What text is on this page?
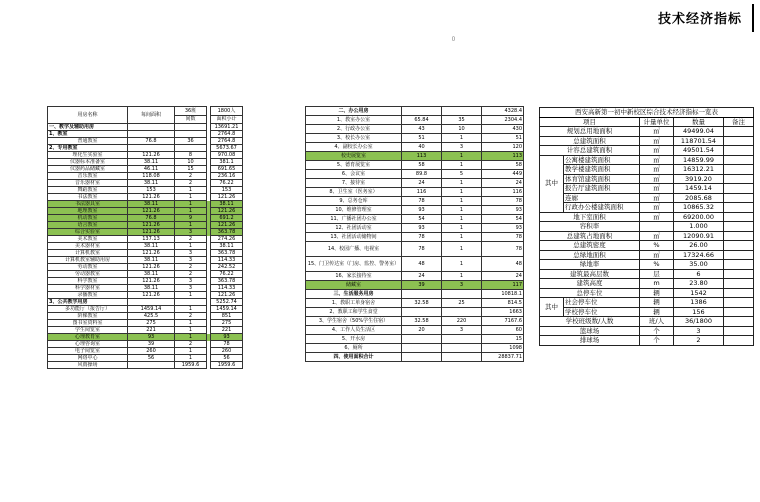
技术经济指标
▯
用房名称	每间面积	36班		1800人
		间数		面积小计
一、教学及辅助用房				13691.21
1、教室				2764.8
普通教室	76.8	36		2764.8
2、专用教室				5673.67
理化生实验室	121.26	8		970.08
仪器标本准备室	38.11	10		381.1
仪器药品储藏室	46.11	15		691.65
音乐教室	118.08	2		236.16
音乐器材室	38.11	2		76.22
舞蹈教室	153	1		153
书法教室	121.26	1		121.26
书法器具室	38.11	1		38.11
地理教室	121.26	1		121.26
机动教室	76.8	9		691.2
语言教室	121.26	1		121.26
综合实验室	121.26	3		363.78
美术教室	137.13	2		274.26
美术器材室	38.11	1		38.11
计算机教室	121.26	3		363.78
计算机教室辅助用房	38.11	3		114.33
劳动教室	121.26	2		242.52
劳动器教室	38.11	2		76.22
科学教室	121.26	3		363.78
科学器材室	38.11	3		114.33
录播教室	121.26	1		121.26
3、公共教学用房				5252.74
多功能厅（报告厅）	1459.14	1		1459.14
阶梯教室	425.5	2		851
图书室资料室	275	1		275
学生阅览室	221	1		221
心理教育室	93	1		93
心理咨询室	39	2		78
电子阅览室	260	1		260
网络中心	56	1		56
风雨操场		1959.6		1959.6
二、办公用房			4328.4
1、教室办公室	65.84	35	2304.4
2、行政办公室	43	10	430
3、校长办公室	51	1	51
4、副校长办公室	40	3	120
校史展览室	113	1	113
5、德育展览室	58	1	58
6、会议室	89.8	5	449
7、接待室	24	1	24
8、卫生室（医务室）	116	1	116
9、总务仓库	78	1	78
10、维修管理室	93	1	93
11、广播社团办公室	54	1	54
12、社团活动室	93	1	93
13、社团活动储物间	78	1	78
14、校园广播、电视室	78	1	78
15、门卫传达室（门房、监控、警务室）	48	1	48
16、家长接待室	24	1	24
储藏室	39	3	117
三、生活服务用房			10818.1
1、教职工单身宿舍	32.58	25	814.5
2、教职工和学生食堂			1663
3、学生宿舍（50%学生住宿）	32.58	220	7167.6
4、工作人员生活区	20	3	60
5、开水房			15
6、厕所			1098
四、使用面积合计			28837.71
西安高新第一初中新校区综合技术经济指标一览表				
项目		计量单位	数量	备注
规划总用地面积		㎡	49499.04	
总建筑面积		㎡	118701.54	
计容总建筑面积		㎡	49501.54	
其中	公寓楼建筑面积	㎡	14859.99	
	教学楼建筑面积	㎡	16312.21	
	体育馆建筑面积	㎡	3919.20	
	报告厅建筑面积	㎡	1459.14	
	连廊	㎡	2085.68	
	行政办公楼建筑面积	㎡	10865.32	
地下室面积		㎡	69200.00	
容积率			1.000	
总建筑占地面积		㎡	12090.91	
总建筑密度		%	26.00	
总绿地面积		㎡	17324.66	
绿地率		%	35.00	
建筑最高层数		层	6	
建筑高度		m	23.80	
总停车位		辆	1542	
其中	社会停车位	辆	1386	
	学校停车位	辆	156	
学校班级数/人数		班/人	36/1800	
篮球场		个	3	
排球场		个	2	
